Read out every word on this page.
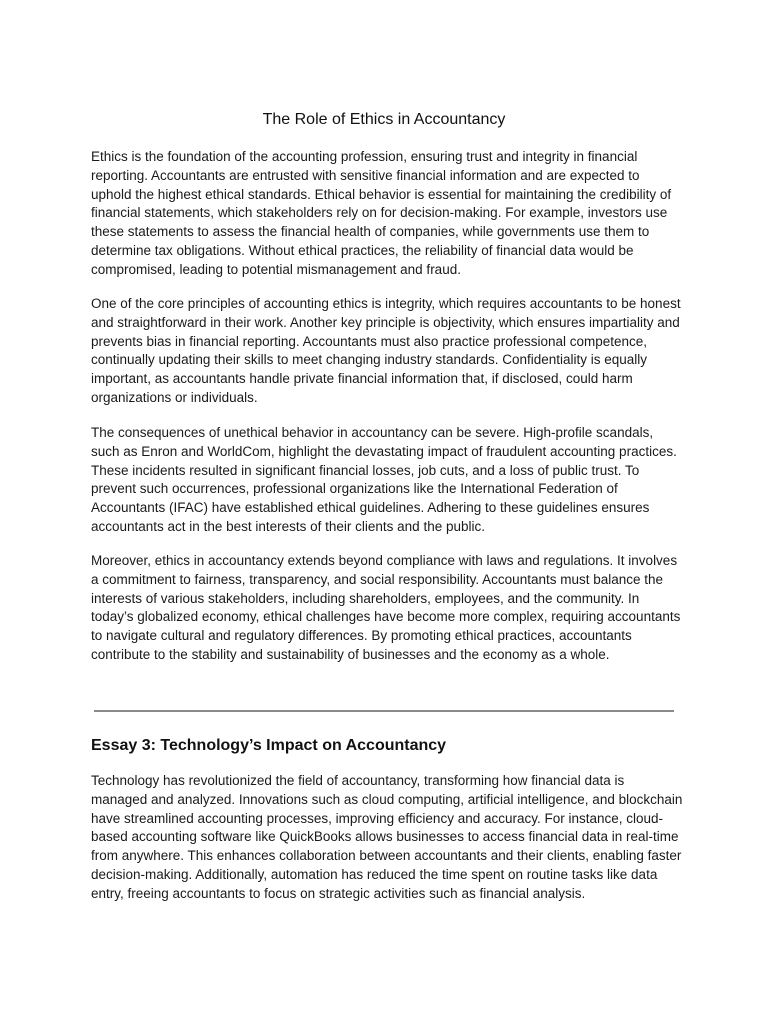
The Role of Ethics in Accountancy

Ethics is the foundation of the accounting profession, ensuring trust and integrity in financial reporting. Accountants are entrusted with sensitive financial information and are expected to uphold the highest ethical standards. Ethical behavior is essential for maintaining the credibility of financial statements, which stakeholders rely on for decision-making. For example, investors use these statements to assess the financial health of companies, while governments use them to determine tax obligations. Without ethical practices, the reliability of financial data would be compromised, leading to potential mismanagement and fraud.

One of the core principles of accounting ethics is integrity, which requires accountants to be honest and straightforward in their work. Another key principle is objectivity, which ensures impartiality and prevents bias in financial reporting. Accountants must also practice professional competence, continually updating their skills to meet changing industry standards. Confidentiality is equally important, as accountants handle private financial information that, if disclosed, could harm organizations or individuals.

The consequences of unethical behavior in accountancy can be severe. High-profile scandals, such as Enron and WorldCom, highlight the devastating impact of fraudulent accounting practices. These incidents resulted in significant financial losses, job cuts, and a loss of public trust. To prevent such occurrences, professional organizations like the International Federation of Accountants (IFAC) have established ethical guidelines. Adhering to these guidelines ensures accountants act in the best interests of their clients and the public.

Moreover, ethics in accountancy extends beyond compliance with laws and regulations. It involves a commitment to fairness, transparency, and social responsibility. Accountants must balance the interests of various stakeholders, including shareholders, employees, and the community. In today’s globalized economy, ethical challenges have become more complex, requiring accountants to navigate cultural and regulatory differences. By promoting ethical practices, accountants contribute to the stability and sustainability of businesses and the economy as a whole.

Essay 3: Technology’s Impact on Accountancy

Technology has revolutionized the field of accountancy, transforming how financial data is managed and analyzed. Innovations such as cloud computing, artificial intelligence, and blockchain have streamlined accounting processes, improving efficiency and accuracy. For instance, cloud-based accounting software like QuickBooks allows businesses to access financial data in real-time from anywhere. This enhances collaboration between accountants and their clients, enabling faster decision-making. Additionally, automation has reduced the time spent on routine tasks like data entry, freeing accountants to focus on strategic activities such as financial analysis.
